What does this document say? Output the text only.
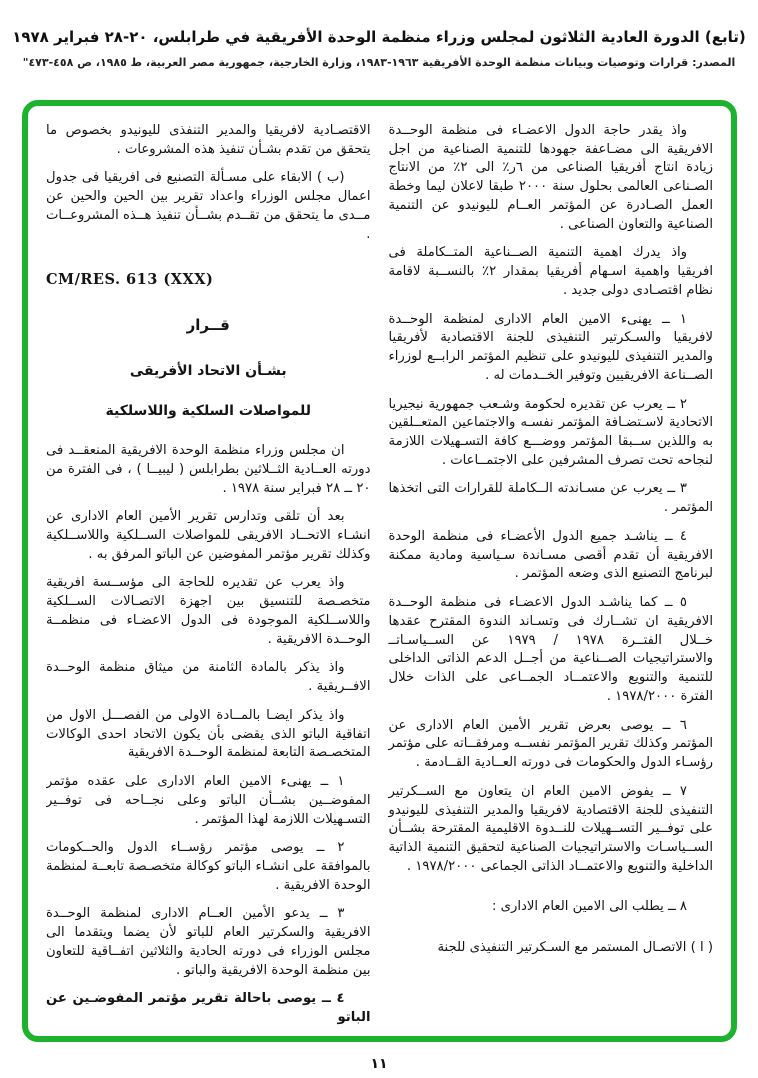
(تابع) الدورة العادية الثلاثون لمجلس وزراء منظمة الوحدة الأفريقية في طرابلس، ٢٠-٢٨ فبراير ١٩٧٨
المصدر: قرارات وتوصيات وبيانات منظمة الوحدة الأفريقية ١٩٦٣-١٩٨٣، وزارة الخارجية، جمهورية مصر العربية، ط ١٩٨٥، ص ٤٥٨-٤٧٣"

واذ يقدر حاجة الدول الاعضـاء فى منظمة الوحــدة الافريقية الى مضـاعفة جهودها للتنمية الصناعية من اجل زيادة انتاج أفريقيا الصناعى من ٦ر٪ الى ٢٪ من الانتاج الصـناعى العالمى بحلول سنة ٢٠٠٠ طبقا لاعلان ليما وخطة العمل الصـادرة عن المؤتمر العــام لليونيدو عن التنمية الصناعية والتعاون الصناعى .

واذ يدرك اهمية التنمية الصــناعية المتــكاملة فى افريقيا واهمية اسـهام أفريقيا بمقدار ٢٪ بالنســبة لاقامة نظام اقتصـادى دولى جديد .

١ ــ يهنىء الامين العام الادارى لمنظمة الوحــدة لافريقيا والسـكرتير التنفيذى للجنة الاقتصادية لأفريقيا والمدير التنفيذى لليونيدو على تنظيم المؤتمر الرابــع لوزراء الصــناعة الافريقيين وتوفير الخــدمات له .

٢ ــ يعرب عن تقديره لحكومة وشـعب جمهورية نيجيريا الاتحادية لاسـتضـافة المؤتمر نفسـه والاجتماعين المتعــلقين به واللذين ســبقا المؤتمر ووضـــع كافة التسـهيلات اللازمة لنجاحه تحت تصرف المشرفين على الاجتمــاعات .

٣ ــ يعرب عن مسـاندته الــكاملة للقرارات التى اتخذها المؤتمر .

٤ ــ يناشـد جميع الدول الأعضـاء فى منظمة الوحدة الافريقية أن تقدم أقصى مسـاندة سـياسية ومادية ممكنة لبرنامج التصنيع الذى وضعه المؤتمر .

٥ ــ كما يناشـد الدول الاعضـاء فى منظمة الوحــدة الافريقية ان تشــارك فى وتسـاند الندوة المقترح عقدها خــلال الفتــرة ١٩٧٨ / ١٩٧٩ عن الســياسـاتــ والاستراتيجيات الصــناعية من أجــل الدعم الذاتى الداخلى للتنمية والتنويع والاعتمــاد الجمــاعى على الذات خلال الفترة ١٩٧٨/٢٠٠٠ .

٦ ــ يوصى بعرض تقرير الأمين العام الادارى عن المؤتمر وكذلك تقرير المؤتمر نفســه ومرفقــاته على مؤتمر رؤسـاء الدول والحكومات فى دورته العــادية القــادمة .

٧ ــ يفوض الامين العام ان يتعاون مع الســكرتير التنفيذى للجنة الاقتصادية لافريقيا والمدير التنفيذى لليونيدو على توفــير التســهيلات للنــدوة الاقليمية المقترحة بشــأن الســياسـات والاستراتيجيات الصناعية لتحقيق التنمية الذاتية الداخلية والتنويع والاعتمــاد الذاتى الجماعى ١٩٧٨/٢٠٠٠ .

٨ ــ يطلب الى الامين العام الادارى :

( ا ) الاتصـال المستمر مع السـكرتير التنفيذى للجنة

الاقتصـادية لافريقيا والمدير التنفذى لليونيدو بخصوص ما يتحقق من تقدم بشـأن تنفيذ هذه المشروعات .

(ب ) الابقاء على مسـألة التصنيع فى افريقيا فى جدول اعمال مجلس الوزراء واعداد تقرير بين الحين والحين عن مــدى ما يتحقق من تقــدم بشــأن تنفيذ هــذه المشروعــات .

CM/RES. 613 (XXX)
قــرار
بشـأن الاتحاد الأفريقى
للمواصلات السلكية واللاسلكية

ان مجلس وزراء منظمة الوحدة الافريقية المنعقــد فى دورته العــادية الثــلاثين بطرابلس ( ليبيــا ) ، فى الفترة من ٢٠ ــ ٢٨ فبراير سنة ١٩٧٨ .

بعد أن تلقى وتدارس تقرير الأمين العام الادارى عن انشـاء الاتحــاد الافريقى للمواصلات الســلكية واللاســلكية وكذلك تقرير مؤتمر المفوضين عن الباتو المرفق به .

واذ يعرب عن تقديره للحاجة الى مؤســسة افريقية متخصـصة للتنسيق بين اجهزة الاتصـالات الســلكية واللاســلكية الموجودة فى الدول الاعضـاء فى منظمــة الوحــدة الافريقية .

واذ يذكر بالمادة الثامنة من ميثاق منظمة الوحــدة الافــريقية .

واذ يذكر ايضـا بالمــادة الاولى من الفصـــل الاول من اتفاقية الباتو الذى يقضى بأن يكون الاتحاد احدى الوكالات المتخصـصة التابعة لمنظمة الوحــدة الافريقية

١ ــ يهنىء الامين العام الادارى على عقده مؤتمر المفوضــين بشــأن الباتو وعلى نجــاحه فى توفــير التسـهيلات اللازمة لهذا المؤتمر .

٢ ــ يوصى مؤتمر رؤســاء الدول والحــكومات بالموافقة على انشـاء الباتو كوكالة متخصـصة تابعــة لمنظمة الوحدة الافريقية .

٣ ــ يدعو الأمين العــام الادارى لمنظمة الوحــدة الافريقية والسكرتير العام للباتو لأن يضما ويتقدما الى مجلس الوزراء فى دورته الحادية والثلاثين اتفــاقية للتعاون بين منظمة الوحدة الافريقية والباتو .

٤ ــ يوصى باحالة تقرير مؤتمر المفوضـين عن الباتو

١١
